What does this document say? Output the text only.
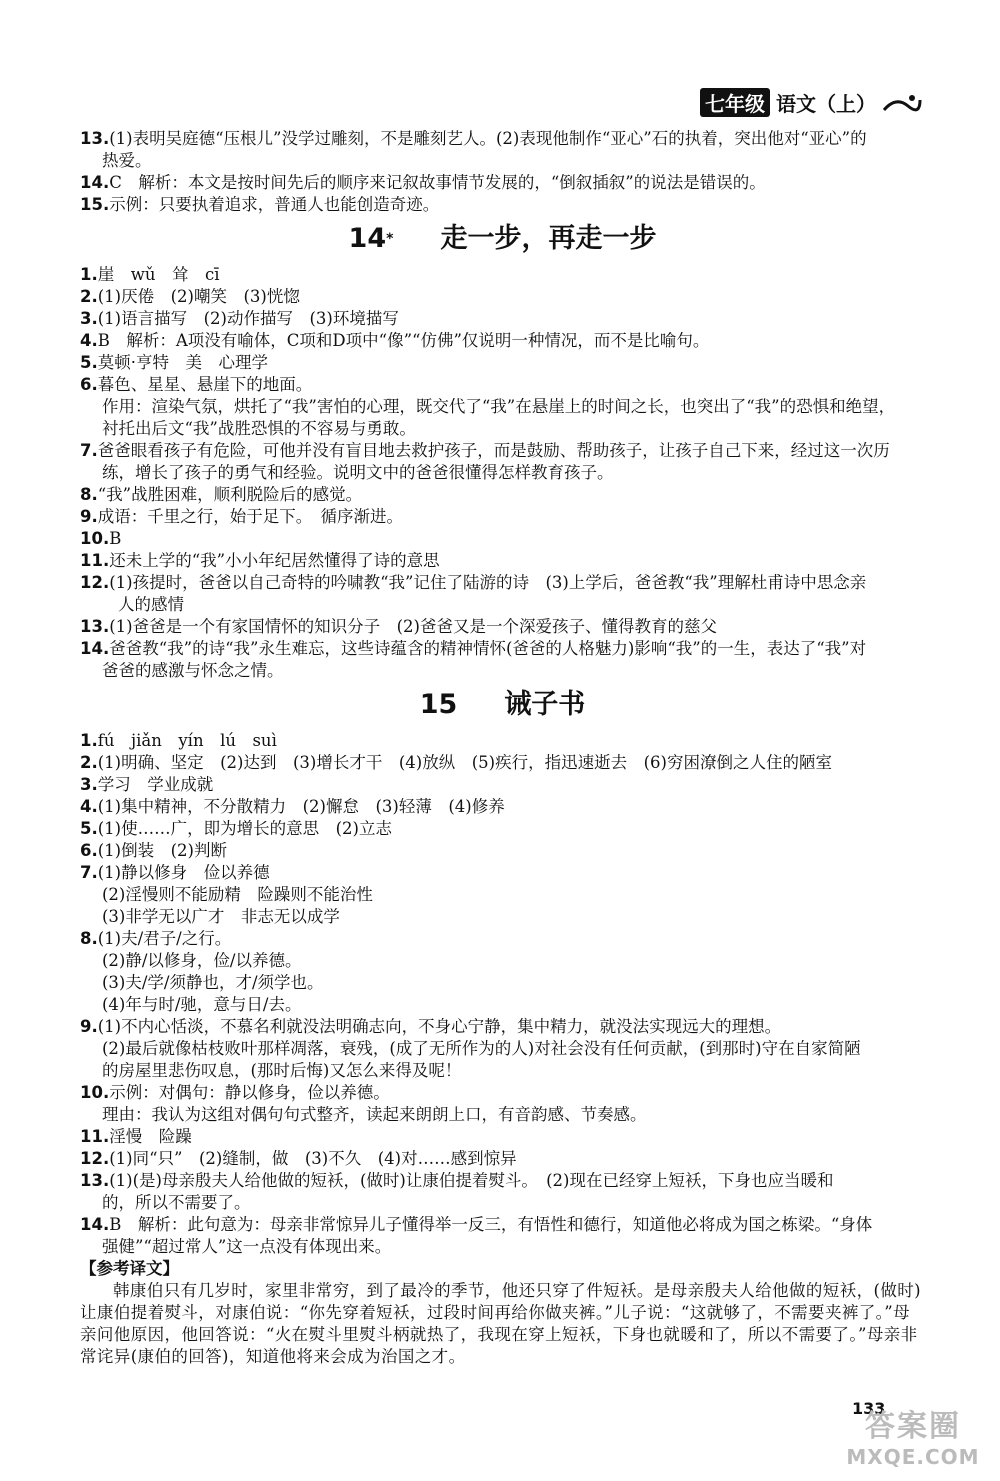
七年级 语文（上）
13.(1)表明吴庭德“压根儿”没学过雕刻，不是雕刻艺人。(2)表现他制作“亚心”石的执着，突出他对“亚心”的
热爱。
14.C　解析：本文是按时间先后的顺序来记叙故事情节发展的，“倒叙插叙”的说法是错误的。
15.示例：只要执着追求，普通人也能创造奇迹。
14* 走一步，再走一步
1.崖　wǔ　耸　cī
2.(1)厌倦　(2)嘲笑　(3)恍惚
3.(1)语言描写　(2)动作描写　(3)环境描写
4.B　解析：A项没有喻体，C项和D项中“像”“仿佛”仅说明一种情况，而不是比喻句。
5.莫顿·亨特　美　心理学
6.暮色、星星、悬崖下的地面。
作用：渲染气氛，烘托了“我”害怕的心理，既交代了“我”在悬崖上的时间之长，也突出了“我”的恐惧和绝望，
衬托出后文“我”战胜恐惧的不容易与勇敢。
7.爸爸眼看孩子有危险，可他并没有盲目地去救护孩子，而是鼓励、帮助孩子，让孩子自己下来，经过这一次历
练，增长了孩子的勇气和经验。说明文中的爸爸很懂得怎样教育孩子。
8.“我”战胜困难，顺利脱险后的感觉。
9.成语：千里之行，始于足下。　循序渐进。
10.B
11.还未上学的“我”小小年纪居然懂得了诗的意思
12.(1)孩提时，爸爸以自己奇特的吟啸教“我”记住了陆游的诗　(3)上学后，爸爸教“我”理解杜甫诗中思念亲
人的感情
13.(1)爸爸是一个有家国情怀的知识分子　(2)爸爸又是一个深爱孩子、懂得教育的慈父
14.爸爸教“我”的诗“我”永生难忘，这些诗蕴含的精神情怀(爸爸的人格魅力)影响“我”的一生，表达了“我”对
爸爸的感激与怀念之情。
15 诫子书
1.fú　jiǎn　yín　lú　suì
2.(1)明确、坚定　(2)达到　(3)增长才干　(4)放纵　(5)疾行，指迅速逝去　(6)穷困潦倒之人住的陋室
3.学习　学业成就
4.(1)集中精神，不分散精力　(2)懈怠　(3)轻薄　(4)修养
5.(1)使……广，即为增长的意思　(2)立志
6.(1)倒装　(2)判断
7.(1)静以修身　俭以养德
(2)淫慢则不能励精　险躁则不能治性
(3)非学无以广才　非志无以成学
8.(1)夫/君子/之行。
(2)静/以修身，俭/以养德。
(3)夫/学/须静也，才/须学也。
(4)年与时/驰，意与日/去。
9.(1)不内心恬淡，不慕名利就没法明确志向，不身心宁静，集中精力，就没法实现远大的理想。
(2)最后就像枯枝败叶那样凋落，衰残，(成了无所作为的人)对社会没有任何贡献，(到那时)守在自家简陋
的房屋里悲伤叹息，(那时后悔)又怎么来得及呢！
10.示例：对偶句：静以修身，俭以养德。
理由：我认为这组对偶句句式整齐，读起来朗朗上口，有音韵感、节奏感。
11.淫慢　险躁
12.(1)同“只”　(2)缝制，做　(3)不久　(4)对……感到惊异
13.(1)(是)母亲殷夫人给他做的短袄，(做时)让康伯提着熨斗。　(2)现在已经穿上短袄，下身也应当暖和
的，所以不需要了。
14.B　解析：此句意为：母亲非常惊异儿子懂得举一反三，有悟性和德行，知道他必将成为国之栋梁。“身体
强健”“超过常人”这一点没有体现出来。
【参考译文】

韩康伯只有几岁时，家里非常穷，到了最冷的季节，他还只穿了件短袄。是母亲殷夫人给他做的短袄，(做时)让康伯提着熨斗，对康伯说：“你先穿着短袄，过段时间再给你做夹裤。”儿子说：“这就够了，不需要夹裤了。”母亲问他原因，他回答说：“火在熨斗里熨斗柄就热了，我现在穿上短袄，下身也就暖和了，所以不需要了。”母亲非常诧异(康伯的回答)，知道他将来会成为治国之才。

133
答案圈
MXQE.COM
